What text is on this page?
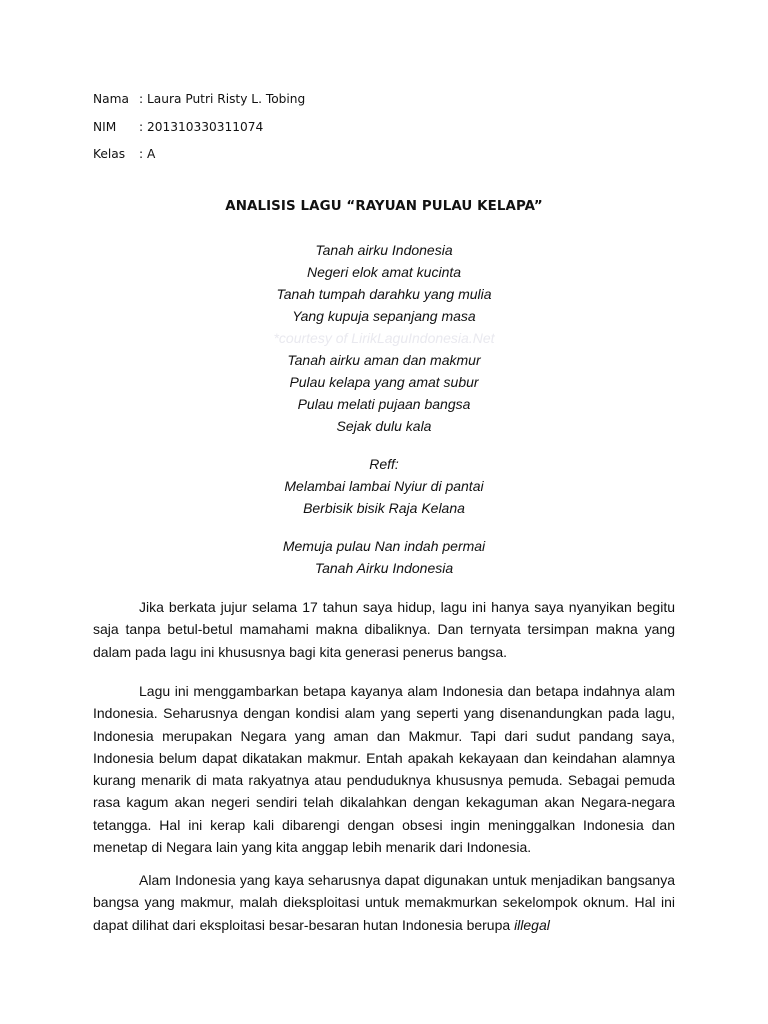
Nama : Laura Putri Risty L. Tobing
NIM	: 201310330311074
Kelas	: A
ANALISIS LAGU “RAYUAN PULAU KELAPA”
Tanah airku Indonesia
Negeri elok amat kucinta
Tanah tumpah darahku yang mulia
Yang kupuja sepanjang masa
*courtesy of LirikLaguIndonesia.Net
Tanah airku aman dan makmur
Pulau kelapa yang amat subur
Pulau melati pujaan bangsa
Sejak dulu kala
Reff:
Melambai lambai Nyiur di pantai
Berbisik bisik Raja Kelana
Memuja pulau Nan indah permai
Tanah Airku Indonesia
Jika berkata jujur selama 17 tahun saya hidup, lagu ini hanya saya nyanyikan begitu saja tanpa betul-betul mamahami makna dibaliknya. Dan ternyata tersimpan makna yang dalam pada lagu ini khususnya bagi kita generasi penerus bangsa.
Lagu ini menggambarkan betapa kayanya alam Indonesia dan betapa indahnya alam Indonesia. Seharusnya dengan kondisi alam yang seperti yang disenandungkan pada lagu, Indonesia merupakan Negara yang aman dan Makmur. Tapi dari sudut pandang saya, Indonesia belum dapat dikatakan makmur. Entah apakah kekayaan dan keindahan alamnya kurang menarik di mata rakyatnya atau penduduknya khususnya pemuda. Sebagai pemuda rasa kagum akan negeri sendiri telah dikalahkan dengan kekaguman akan Negara-negara tetangga. Hal ini kerap kali dibarengi dengan obsesi ingin meninggalkan Indonesia dan menetap di Negara lain yang kita anggap lebih menarik dari Indonesia.
Alam Indonesia yang kaya seharusnya dapat digunakan untuk menjadikan bangsanya bangsa yang makmur, malah dieksploitasi untuk memakmurkan sekelompok oknum. Hal ini dapat dilihat dari eksploitasi besar-besaran hutan Indonesia berupa illegal
